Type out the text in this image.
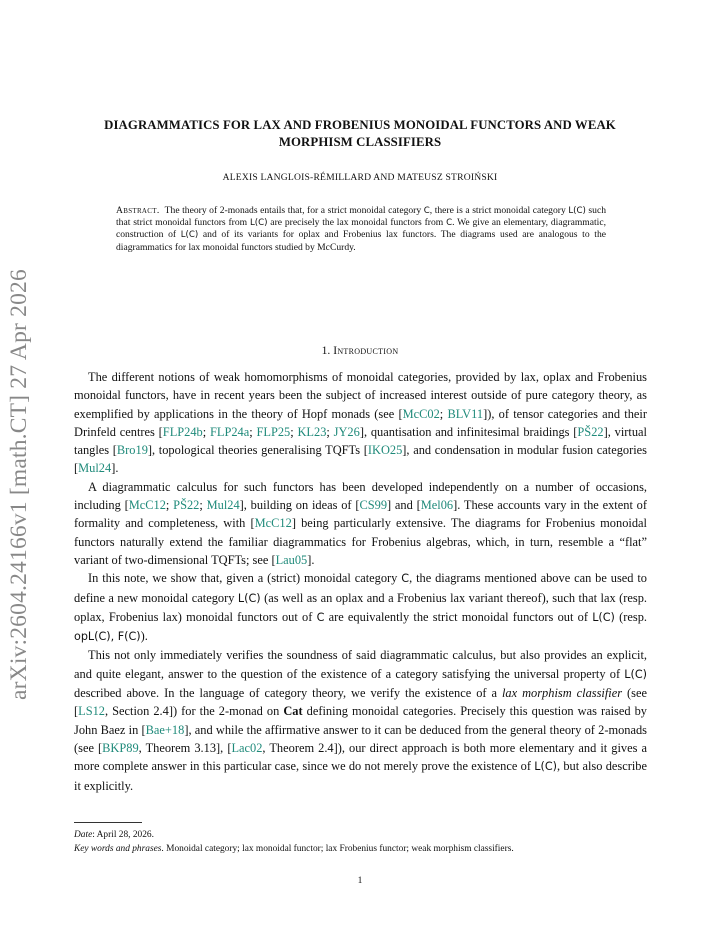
arXiv:2604.24166v1 [math.CT] 27 Apr 2026
DIAGRAMMATICS FOR LAX AND FROBENIUS MONOIDAL FUNCTORS AND WEAK
MORPHISM CLASSIFIERS
ALEXIS LANGLOIS-RÉMILLARD AND MATEUSZ STROIŃSKI

Abstract. The theory of 2-monads entails that, for a strict monoidal category C, there is a strict monoidal category L(C) such that strict monoidal functors from L(C) are precisely the lax monoidal functors from C. We give an elementary, diagrammatic, construction of L(C) and of its variants for oplax and Frobenius lax functors. The diagrams used are analogous to the diagrammatics for lax monoidal functors studied by McCurdy.

1. Introduction

The different notions of weak homomorphisms of monoidal categories, provided by lax, oplax and Frobenius monoidal functors, have in recent years been the subject of increased interest outside of pure category theory, as exemplified by applications in the theory of Hopf monads (see [McC02; BLV11]), of tensor categories and their Drinfeld centres [FLP24b; FLP24a; FLP25; KL23; JY26], quantisation and infinitesimal braidings [PŠ22], virtual tangles [Bro19], topological theories generalising TQFTs [IKO25], and condensation in modular fusion categories [Mul24].

A diagrammatic calculus for such functors has been developed independently on a number of occasions, including [McC12; PŠ22; Mul24], building on ideas of [CS99] and [Mel06]. These accounts vary in the extent of formality and completeness, with [McC12] being particularly extensive. The diagrams for Frobenius monoidal functors naturally extend the familiar diagrammatics for Frobenius algebras, which, in turn, resemble a “flat” variant of two-dimensional TQFTs; see [Lau05].

In this note, we show that, given a (strict) monoidal category C, the diagrams mentioned above can be used to define a new monoidal category L(C) (as well as an oplax and a Frobenius lax variant thereof), such that lax (resp. oplax, Frobenius lax) monoidal functors out of C are equivalently the strict monoidal functors out of L(C) (resp. opL(C), F(C)).

This not only immediately verifies the soundness of said diagrammatic calculus, but also provides an explicit, and quite elegant, answer to the question of the existence of a category satisfying the universal property of L(C) described above. In the language of category theory, we verify the existence of a lax morphism classifier (see [LS12, Section 2.4]) for the 2-monad on Cat defining monoidal categories. Precisely this question was raised by John Baez in [Bae+18], and while the affirmative answer to it can be deduced from the general theory of 2-monads (see [BKP89, Theorem 3.13], [Lac02, Theorem 2.4]), our direct approach is both more elementary and it gives a more complete answer in this particular case, since we do not merely prove the existence of L(C), but also describe it explicitly.

Date: April 28, 2026.
Key words and phrases. Monoidal category; lax monoidal functor; lax Frobenius functor; weak morphism classifiers.
1
